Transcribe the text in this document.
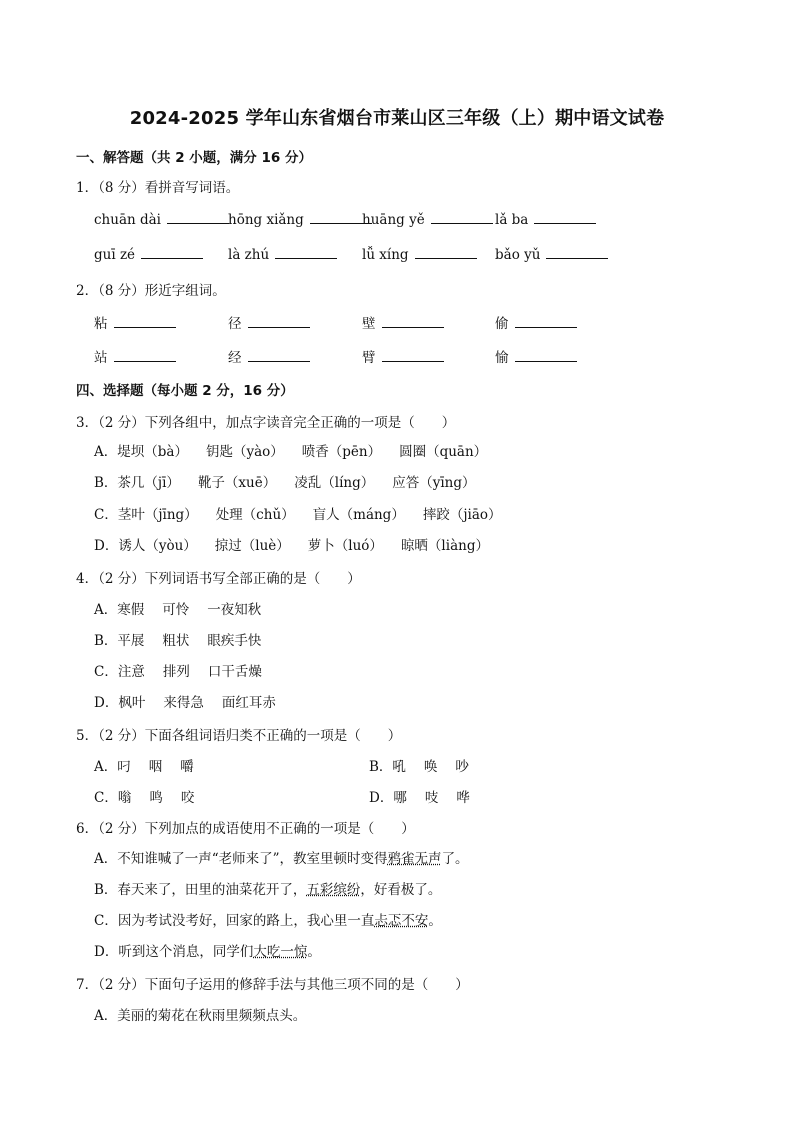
2024-2025 学年山东省烟台市莱山区三年级（上）期中语文试卷
一、解答题（共 2 小题，满分 16 分）
1．（8 分）看拼音写词语。
chuān dài	hōng xiǎng	huāng yě	lǎ ba
guī zé	là zhú	lǚ xíng	bǎo yǔ
2．（8 分）形近字组词。
粘	径	壁	偷
站	经	臂	愉
四、选择题（每小题 2 分，16 分）
3．（2 分）下列各组中，加点字读音完全正确的一项是（　　）
A．堤坝（bà） 钥匙（yào） 喷香（pēn） 圆圈（quān）
B．茶几（jī） 靴子（xuē） 凌乱（líng） 应答（yīng）
C．茎叶（jīng） 处理（chǔ） 盲人（máng） 摔跤（jiāo）
D．诱人（yòu） 掠过（luè） 萝卜（luó） 晾晒（liàng）
4．（2 分）下列词语书写全部正确的是（　　）
A．寒假 可怜 一夜知秋
B．平展 粗状 眼疾手快
C．注意 排列 口干舌燥
D．枫叶 来得急 面红耳赤
5．（2 分）下面各组词语归类不正确的一项是（　　）
A．叼 咽 嚼	B．吼 唤 吵
C．嗡 鸣 咬	D．哪 吱 哗
6．（2 分）下列加点的成语使用不正确的一项是（　　）
A．不知谁喊了一声“老师来了”，教室里顿时变得鸦雀无声了。
B．春天来了，田里的油菜花开了，五彩缤纷，好看极了。
C．因为考试没考好，回家的路上，我心里一直忐忑不安。
D．听到这个消息，同学们大吃一惊。
7．（2 分）下面句子运用的修辞手法与其他三项不同的是（　　）
A．美丽的菊花在秋雨里频频点头。
